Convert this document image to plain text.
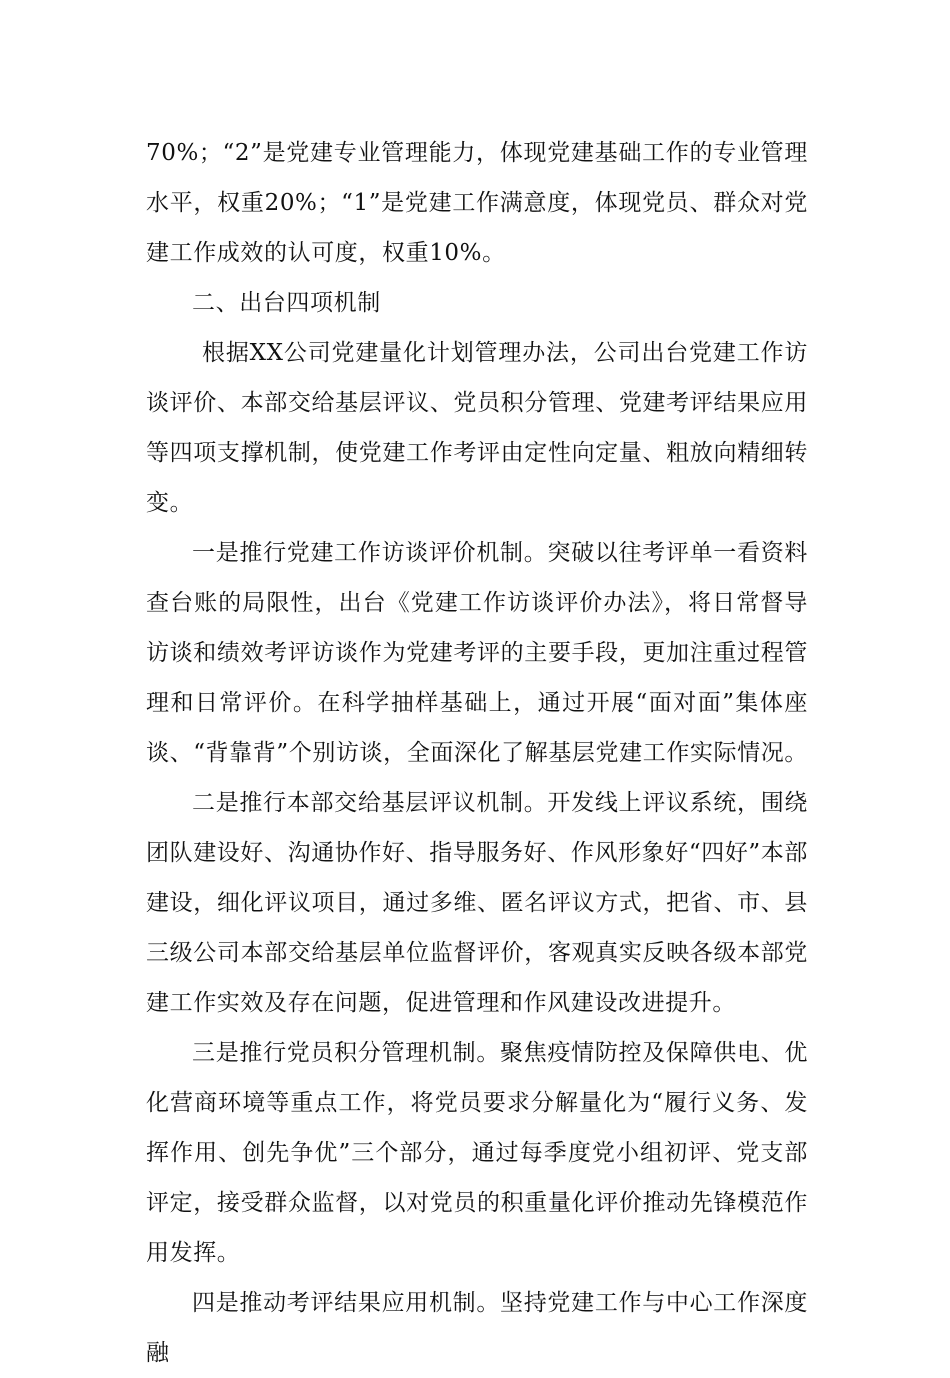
70%；“2”是党建专业管理能力，体现党建基础工作的专业管理水平，权重20%；“1”是党建工作满意度，体现党员、群众对党建工作成效的认可度，权重10%。

二、出台四项机制

根据XX公司党建量化计划管理办法，公司出台党建工作访谈评价、本部交给基层评议、党员积分管理、党建考评结果应用等四项支撑机制，使党建工作考评由定性向定量、粗放向精细转变。

一是推行党建工作访谈评价机制。突破以往考评单一看资料查台账的局限性，出台《党建工作访谈评价办法》，将日常督导访谈和绩效考评访谈作为党建考评的主要手段，更加注重过程管理和日常评价。在科学抽样基础上，通过开展“面对面”集体座谈、“背靠背”个别访谈，全面深化了解基层党建工作实际情况。

二是推行本部交给基层评议机制。开发线上评议系统，围绕团队建设好、沟通协作好、指导服务好、作风形象好“四好”本部建设，细化评议项目，通过多维、匿名评议方式，把省、市、县三级公司本部交给基层单位监督评价，客观真实反映各级本部党建工作实效及存在问题，促进管理和作风建设改进提升。

三是推行党员积分管理机制。聚焦疫情防控及保障供电、优化营商环境等重点工作，将党员要求分解量化为“履行义务、发挥作用、创先争优”三个部分，通过每季度党小组初评、党支部评定，接受群众监督，以对党员的积重量化评价推动先锋模范作用发挥。

四是推动考评结果应用机制。坚持党建工作与中心工作深度融
